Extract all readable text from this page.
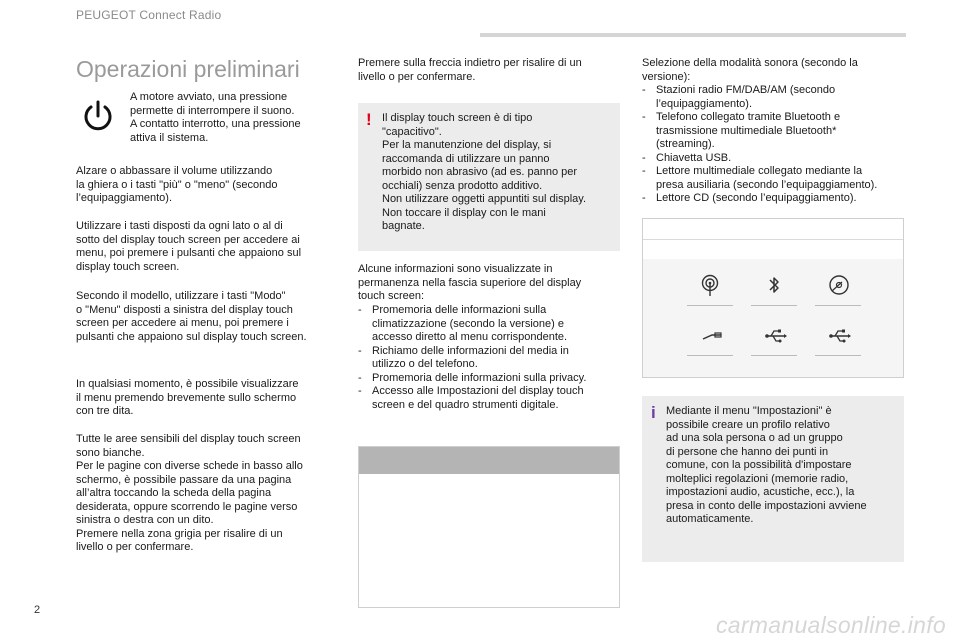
PEUGEOT Connect Radio
Operazioni preliminari

A motore avviato, una pressione
permette di interrompere il suono.
A contatto interrotto, una pressione
attiva il sistema.

Alzare o abbassare il volume utilizzando
la ghiera o i tasti "più" o "meno" (secondo
l’equipaggiamento).

Utilizzare i tasti disposti da ogni lato o al di
sotto del display touch screen per accedere ai
menu, poi premere i pulsanti che appaiono sul
display touch screen.

Secondo il modello, utilizzare i tasti "Modo"
o "Menu" disposti a sinistra del display touch
screen per accedere ai menu, poi premere i
pulsanti che appaiono sul display touch screen.

In qualsiasi momento, è possibile visualizzare
il menu premendo brevemente sullo schermo
con tre dita.

Tutte le aree sensibili del display touch screen
sono bianche.
Per le pagine con diverse schede in basso allo
schermo, è possibile passare da una pagina
all’altra toccando la scheda della pagina
desiderata, oppure scorrendo le pagine verso
sinistra o destra con un dito.
Premere nella zona grigia per risalire di un
livello o per confermare.

Premere sulla freccia indietro per risalire di un
livello o per confermare.

! Il display touch screen è di tipo
"capacitivo".
Per la manutenzione del display, si
raccomanda di utilizzare un panno
morbido non abrasivo (ad es. panno per
occhiali) senza prodotto additivo.
Non utilizzare oggetti appuntiti sul display.
Non toccare il display con le mani
bagnate.

Alcune informazioni sono visualizzate in
permanenza nella fascia superiore del display
touch screen:

- Promemoria delle informazioni sulla
climatizzazione (secondo la versione) e
accesso diretto al menu corrispondente.
- Richiamo delle informazioni del media in
utilizzo o del telefono.
- Promemoria delle informazioni sulla privacy.
- Accesso alle Impostazioni del display touch
screen e del quadro strumenti digitale.

Selezione della modalità sonora (secondo la
versione):

- Stazioni radio FM/DAB/AM (secondo
l’equipaggiamento).
- Telefono collegato tramite Bluetooth e
trasmissione multimediale Bluetooth*
(streaming).
- Chiavetta USB.
- Lettore multimediale collegato mediante la
presa ausiliaria (secondo l’equipaggiamento).
- Lettore CD (secondo l’equipaggiamento).
i Mediante il menu "Impostazioni" è
possibile creare un profilo relativo
ad una sola persona o ad un gruppo
di persone che hanno dei punti in
comune, con la possibilità d'impostare
molteplici regolazioni (memorie radio,
impostazioni audio, acustiche, ecc.), la
presa in conto delle impostazioni avviene
automaticamente.

2
carmanualsonline.info
